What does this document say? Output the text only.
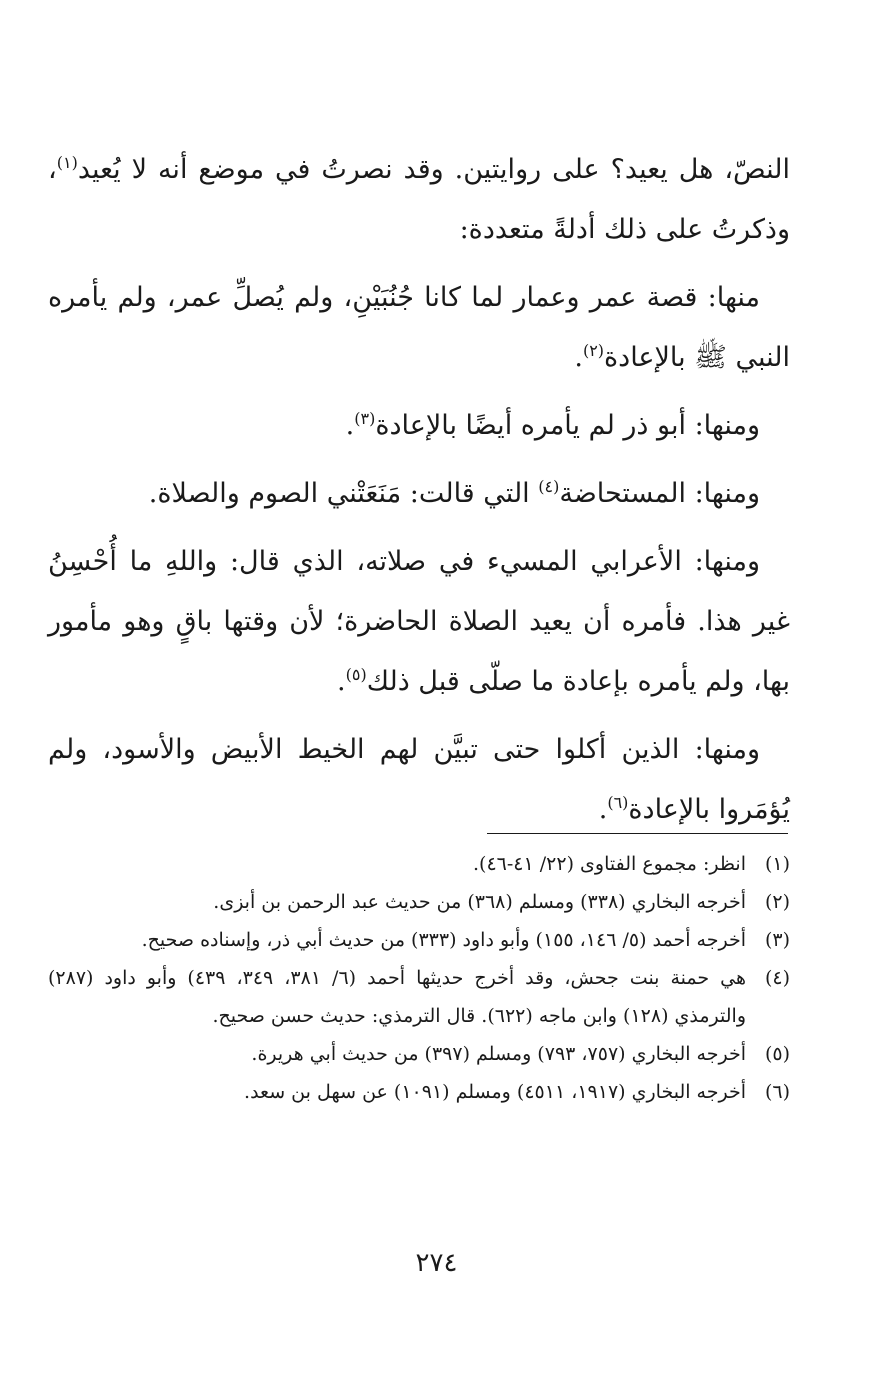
النصّ، هل يعيد؟ على روايتين. وقد نصرتُ في موضع أنه لا يُعيد$^{(١)}$، وذكرتُ على ذلك أدلةً متعددة:

منها: قصة عمر وعمار لما كانا جُنُبَيْنِ، ولم يُصلِّ عمر، ولم يأمره النبي ﷺ بالإعادة$^{(٢)}$.

ومنها: أبو ذر لم يأمره أيضًا بالإعادة$^{(٣)}$.

ومنها: المستحاضة$^{(٤)}$ التي قالت: مَنَعَتْني الصوم والصلاة.

ومنها: الأعرابي المسيء في صلاته، الذي قال: واللهِ ما أُحْسِنُ غير هذا. فأمره أن يعيد الصلاة الحاضرة؛ لأن وقتها باقٍ وهو مأمور بها، ولم يأمره بإعادة ما صلّى قبل ذلك$^{(٥)}$.

ومنها: الذين أكلوا حتى تبيَّن لهم الخيط الأبيض والأسود، ولم يُؤمَروا بالإعادة$^{(٦)}$.

(١)
انظر: مجموع الفتاوى (٢٢/ ٤١-٤٦).
(٢)
أخرجه البخاري (٣٣٨) ومسلم (٣٦٨) من حديث عبد الرحمن بن أبزى.
(٣)
أخرجه أحمد (٥/ ١٤٦، ١٥٥) وأبو داود (٣٣٣) من حديث أبي ذر، وإسناده صحيح.
(٤)
هي حمنة بنت جحش، وقد أخرج حديثها أحمد (٦/ ٣٨١، ٣٤٩، ٤٣٩) وأبو داود (٢٨٧) والترمذي (١٢٨) وابن ماجه (٦٢٢). قال الترمذي: حديث حسن صحيح.
(٥)
أخرجه البخاري (٧٥٧، ٧٩٣) ومسلم (٣٩٧) من حديث أبي هريرة.
(٦)
أخرجه البخاري (١٩١٧، ٤٥١١) ومسلم (١٠٩١) عن سهل بن سعد.
٢٧٤
